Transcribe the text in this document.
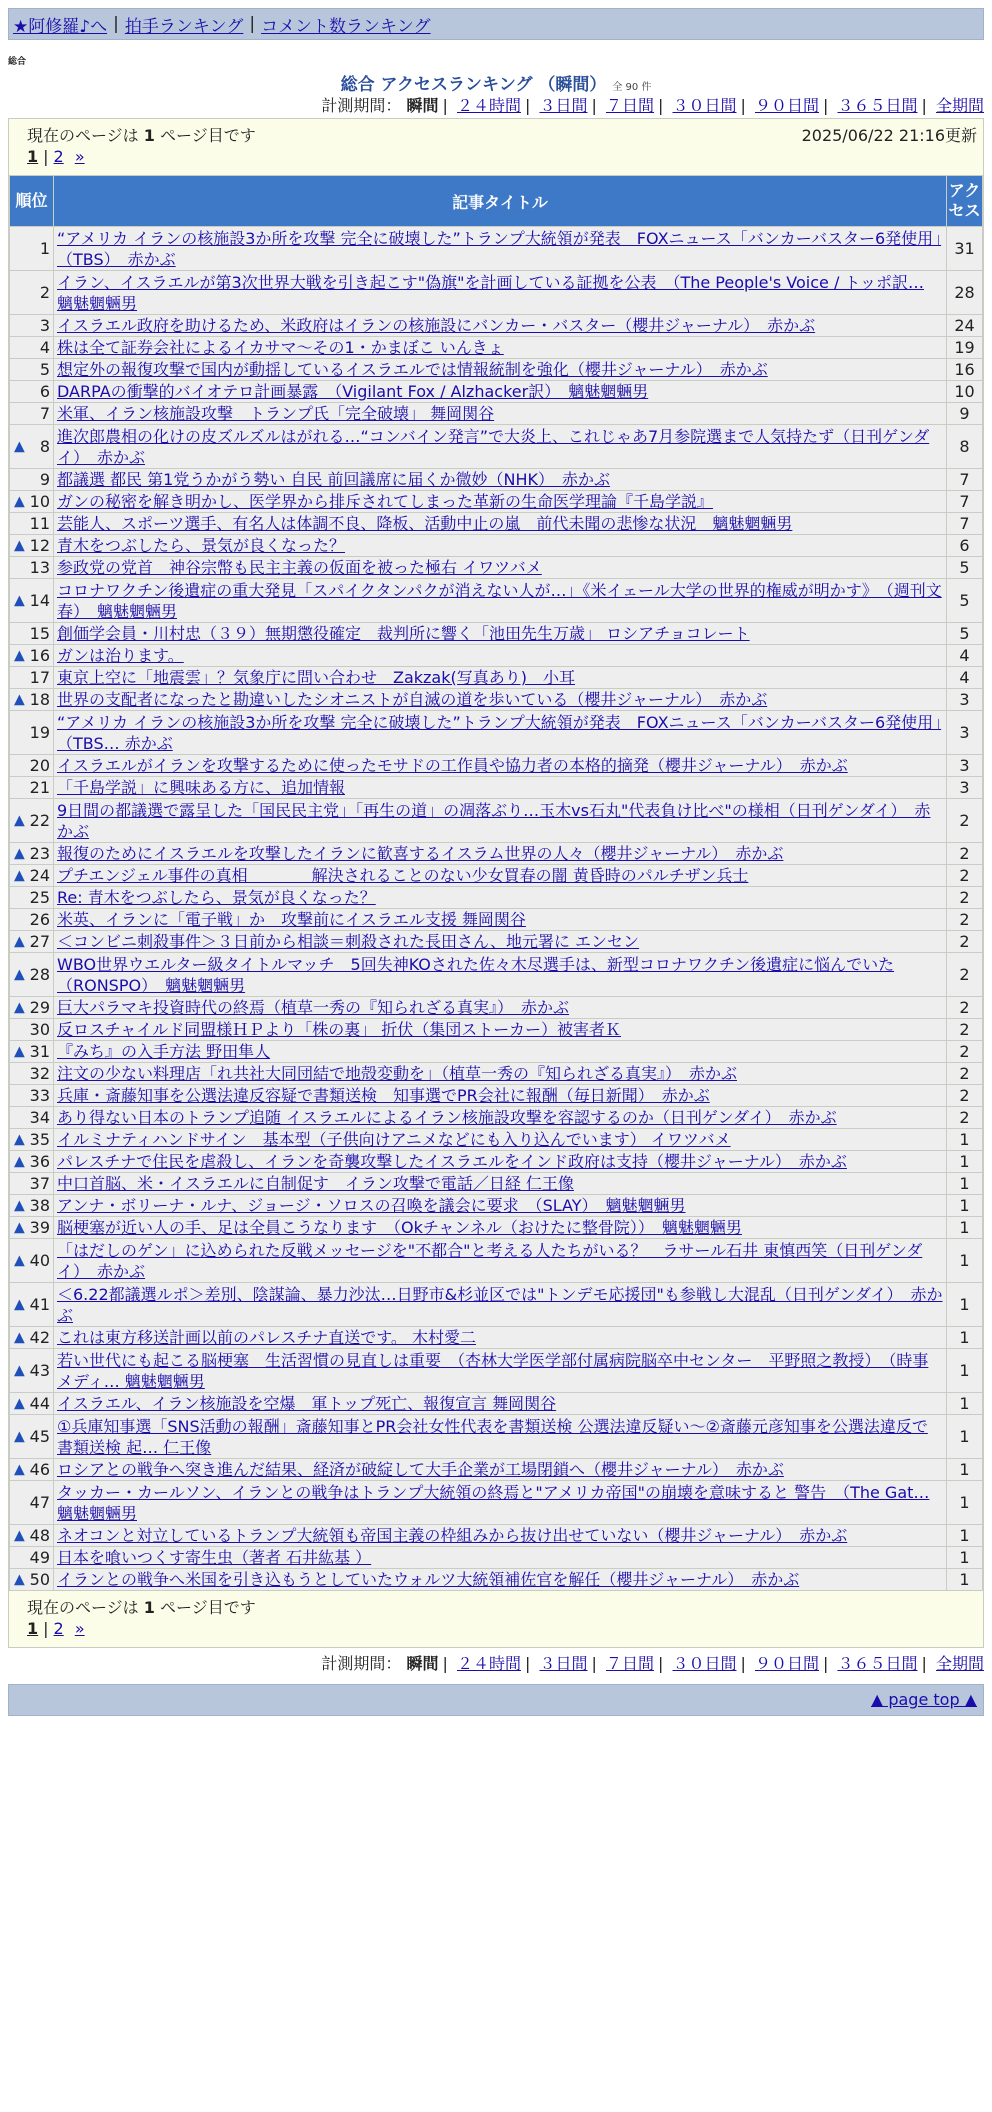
★阿修羅♪へ | 拍手ランキング | コメント数ランキング
総合
総合 アクセスランキング （瞬間） 全 90 件
計測期間： 瞬間 | ２４時間 | ３日間 | ７日間 | ３０日間 | ９０日間 | ３６５日間 | 全期間
現在のページは 1 ページ目です	2025/06/22 21:16更新
1 | 2 »
順位	記事タイトル	アクセス
1	“アメリカ イランの核施設3か所を攻撃 完全に破壊した”トランプ大統領が発表　FOXニュース「バンカーバスター6発使用」（TBS）　赤かぶ	31
2	イラン、イスラエルが第3次世界大戦を引き起こす"偽旗"を計画している証拠を公表　（The People's Voice / トッポ訳… 魑魅魍魎男	28
3	イスラエル政府を助けるため、米政府はイランの核施設にバンカー・バスター（櫻井ジャーナル）　赤かぶ	24
4	株は全て証券会社によるイカサマ〜その1・かまぼこ いんきょ	19
5	想定外の報復攻撃で国内が動揺しているイスラエルでは情報統制を強化（櫻井ジャーナル）　赤かぶ	16
6	DARPAの衝撃的バイオテロ計画暴露　（Vigilant Fox / Alzhacker訳）　魑魅魍魎男	10
7	米軍、イラン核施設攻撃　トランプ氏「完全破壊」 舞岡関谷	9

▲ 8	進次郎農相の化けの皮ズルズルはがれる…“コンバイン発言”で大炎上、これじゃあ7月参院選まで人気持たず（日刊ゲンダイ）　赤かぶ	8
9	都議選 都民 第1党うかがう勢い 自民 前回議席に届くか微妙（NHK）　赤かぶ	7

▲ 10	ガンの秘密を解き明かし、医学界から排斥されてしまった革新の生命医学理論『千島学説』	7
11	芸能人、スポーツ選手、有名人は体調不良、降板、活動中止の嵐　前代未聞の悲惨な状況　魑魅魍魎男	7

▲ 12	青木をつぶしたら、景気が良くなった？	6
13	参政党の党首　神谷宗幣も民主主義の仮面を被った極右 イワツバメ	5

▲ 14	コロナワクチン後遺症の重大発見「スパイクタンパクが消えない人が…」《米イェール大学の世界的権威が明かす》　（週刊文春）　魑魅魍魎男	5
15	創価学会員・川村忠（３９）無期懲役確定　裁判所に響く「池田先生万歳」 ロシアチョコレート	5

▲ 16	ガンは治ります。	4
17	東京上空に「地震雲」？気象庁に問い合わせ　Zakzak(写真あり)　小耳	4

▲ 18	世界の支配者になったと勘違いしたシオニストが自滅の道を歩いている（櫻井ジャーナル）　赤かぶ	3
19	“アメリカ イランの核施設3か所を攻撃 完全に破壊した”トランプ大統領が発表　FOXニュース「バンカーバスター6発使用」（TBS… 赤かぶ	3
20	イスラエルがイランを攻撃するために使ったモサドの工作員や協力者の本格的摘発（櫻井ジャーナル）　赤かぶ	3
21	「千島学説」に興味ある方に、追加情報	3

▲ 22	9日間の都議選で露呈した「国民民主党」「再生の道」の凋落ぶり…玉木vs石丸"代表負け比べ"の様相（日刊ゲンダイ）　赤かぶ	2

▲ 23	報復のためにイスラエルを攻撃したイランに歓喜するイスラム世界の人々（櫻井ジャーナル）　赤かぶ	2

▲ 24	プチエンジェル事件の真相　　　　解決されることのない少女買春の闇 黄昏時のパルチザン兵士	2
25	Re: 青木をつぶしたら、景気が良くなった？	2
26	米英、イランに「電子戦」か　攻撃前にイスラエル支援 舞岡関谷	2

▲ 27	＜コンビニ刺殺事件＞３日前から相談＝刺殺された長田さん、地元署に エンセン	2

▲ 28	WBO世界ウエルター級タイトルマッチ　5回失神KOされた佐々木尽選手は、新型コロナワクチン後遺症に悩んでいた（RONSPO）　魑魅魍魎男	2

▲ 29	巨大パラマキ投資時代の終焉（植草一秀の『知られざる真実』）　赤かぶ	2
30	反ロスチャイルド同盟様ＨＰより「株の裏」 折伏（集団ストーカー）被害者Ｋ	2

▲ 31	『みち』の入手方法 野田隼人	2
32	注文の少ない料理店「れ共社大同団結で地殻変動を」（植草一秀の『知られざる真実』）　赤かぶ	2
33	兵庫・斎藤知事を公選法違反容疑で書類送検　知事選でPR会社に報酬（毎日新聞）　赤かぶ	2
34	あり得ない日本のトランプ追随 イスラエルによるイラン核施設攻撃を容認するのか（日刊ゲンダイ）　赤かぶ	2

▲ 35	イルミナティハンドサイン　基本型（子供向けアニメなどにも入り込んでいます） イワツバメ	1

▲ 36	パレスチナで住民を虐殺し、イランを奇襲攻撃したイスラエルをインド政府は支持（櫻井ジャーナル）　赤かぶ	1
37	中口首脳、米・イスラエルに自制促す　イラン攻撃で電話／日経 仁王像	1

▲ 38	アンナ・ボリーナ・ルナ、ジョージ・ソロスの召喚を議会に要求　（SLAY）　魑魅魍魎男	1

▲ 39	脳梗塞が近い人の手、足は全員こうなります　（Okチャンネル（おけたに整骨院））　魑魅魍魎男	1

▲ 40	「はだしのゲン」に込められた反戦メッセージを"不都合"と考える人たちがいる？　ラサール石井 東慎西笑（日刊ゲンダイ）　赤かぶ	1

▲ 41	＜6.22都議選ルポ＞差別、陰謀論、暴力沙汰…日野市&杉並区では"トンデモ応援団"も参戦し大混乱（日刊ゲンダイ）　赤かぶ	1

▲ 42	これは東方移送計画以前のパレスチナ直送です。 木村愛二	1

▲ 43	若い世代にも起こる脳梗塞　生活習慣の見直しは重要　（杏林大学医学部付属病院脳卒中センター　平野照之教授）　（時事メディ… 魑魅魍魎男	1

▲ 44	イスラエル、イラン核施設を空爆　軍トップ死亡、報復宣言 舞岡関谷	1

▲ 45	①兵庫知事選「SNS活動の報酬」斎藤知事とPR会社女性代表を書類送検 公選法違反疑い〜②斎藤元彦知事を公選法違反で書類送検 起… 仁王像	1

▲ 46	ロシアとの戦争へ突き進んだ結果、経済が破綻して大手企業が工場閉鎖へ（櫻井ジャーナル）　赤かぶ	1
47	タッカー・カールソン、イランとの戦争はトランプ大統領の終焉と"アメリカ帝国"の崩壊を意味すると 警告　（The Gat… 魑魅魍魎男	1

▲ 48	ネオコンと対立しているトランプ大統領も帝国主義の枠組みから抜け出せていない（櫻井ジャーナル）　赤かぶ	1
49	日本を喰いつくす寄生虫（著者 石井紘基 ）	1

▲ 50	イランとの戦争へ米国を引き込もうとしていたウォルツ大統領補佐官を解任（櫻井ジャーナル）　赤かぶ	1
現在のページは 1 ページ目です
1 | 2 »
計測期間： 瞬間 | ２４時間 | ３日間 | ７日間 | ３０日間 | ９０日間 | ３６５日間 | 全期間
▲ page top ▲
